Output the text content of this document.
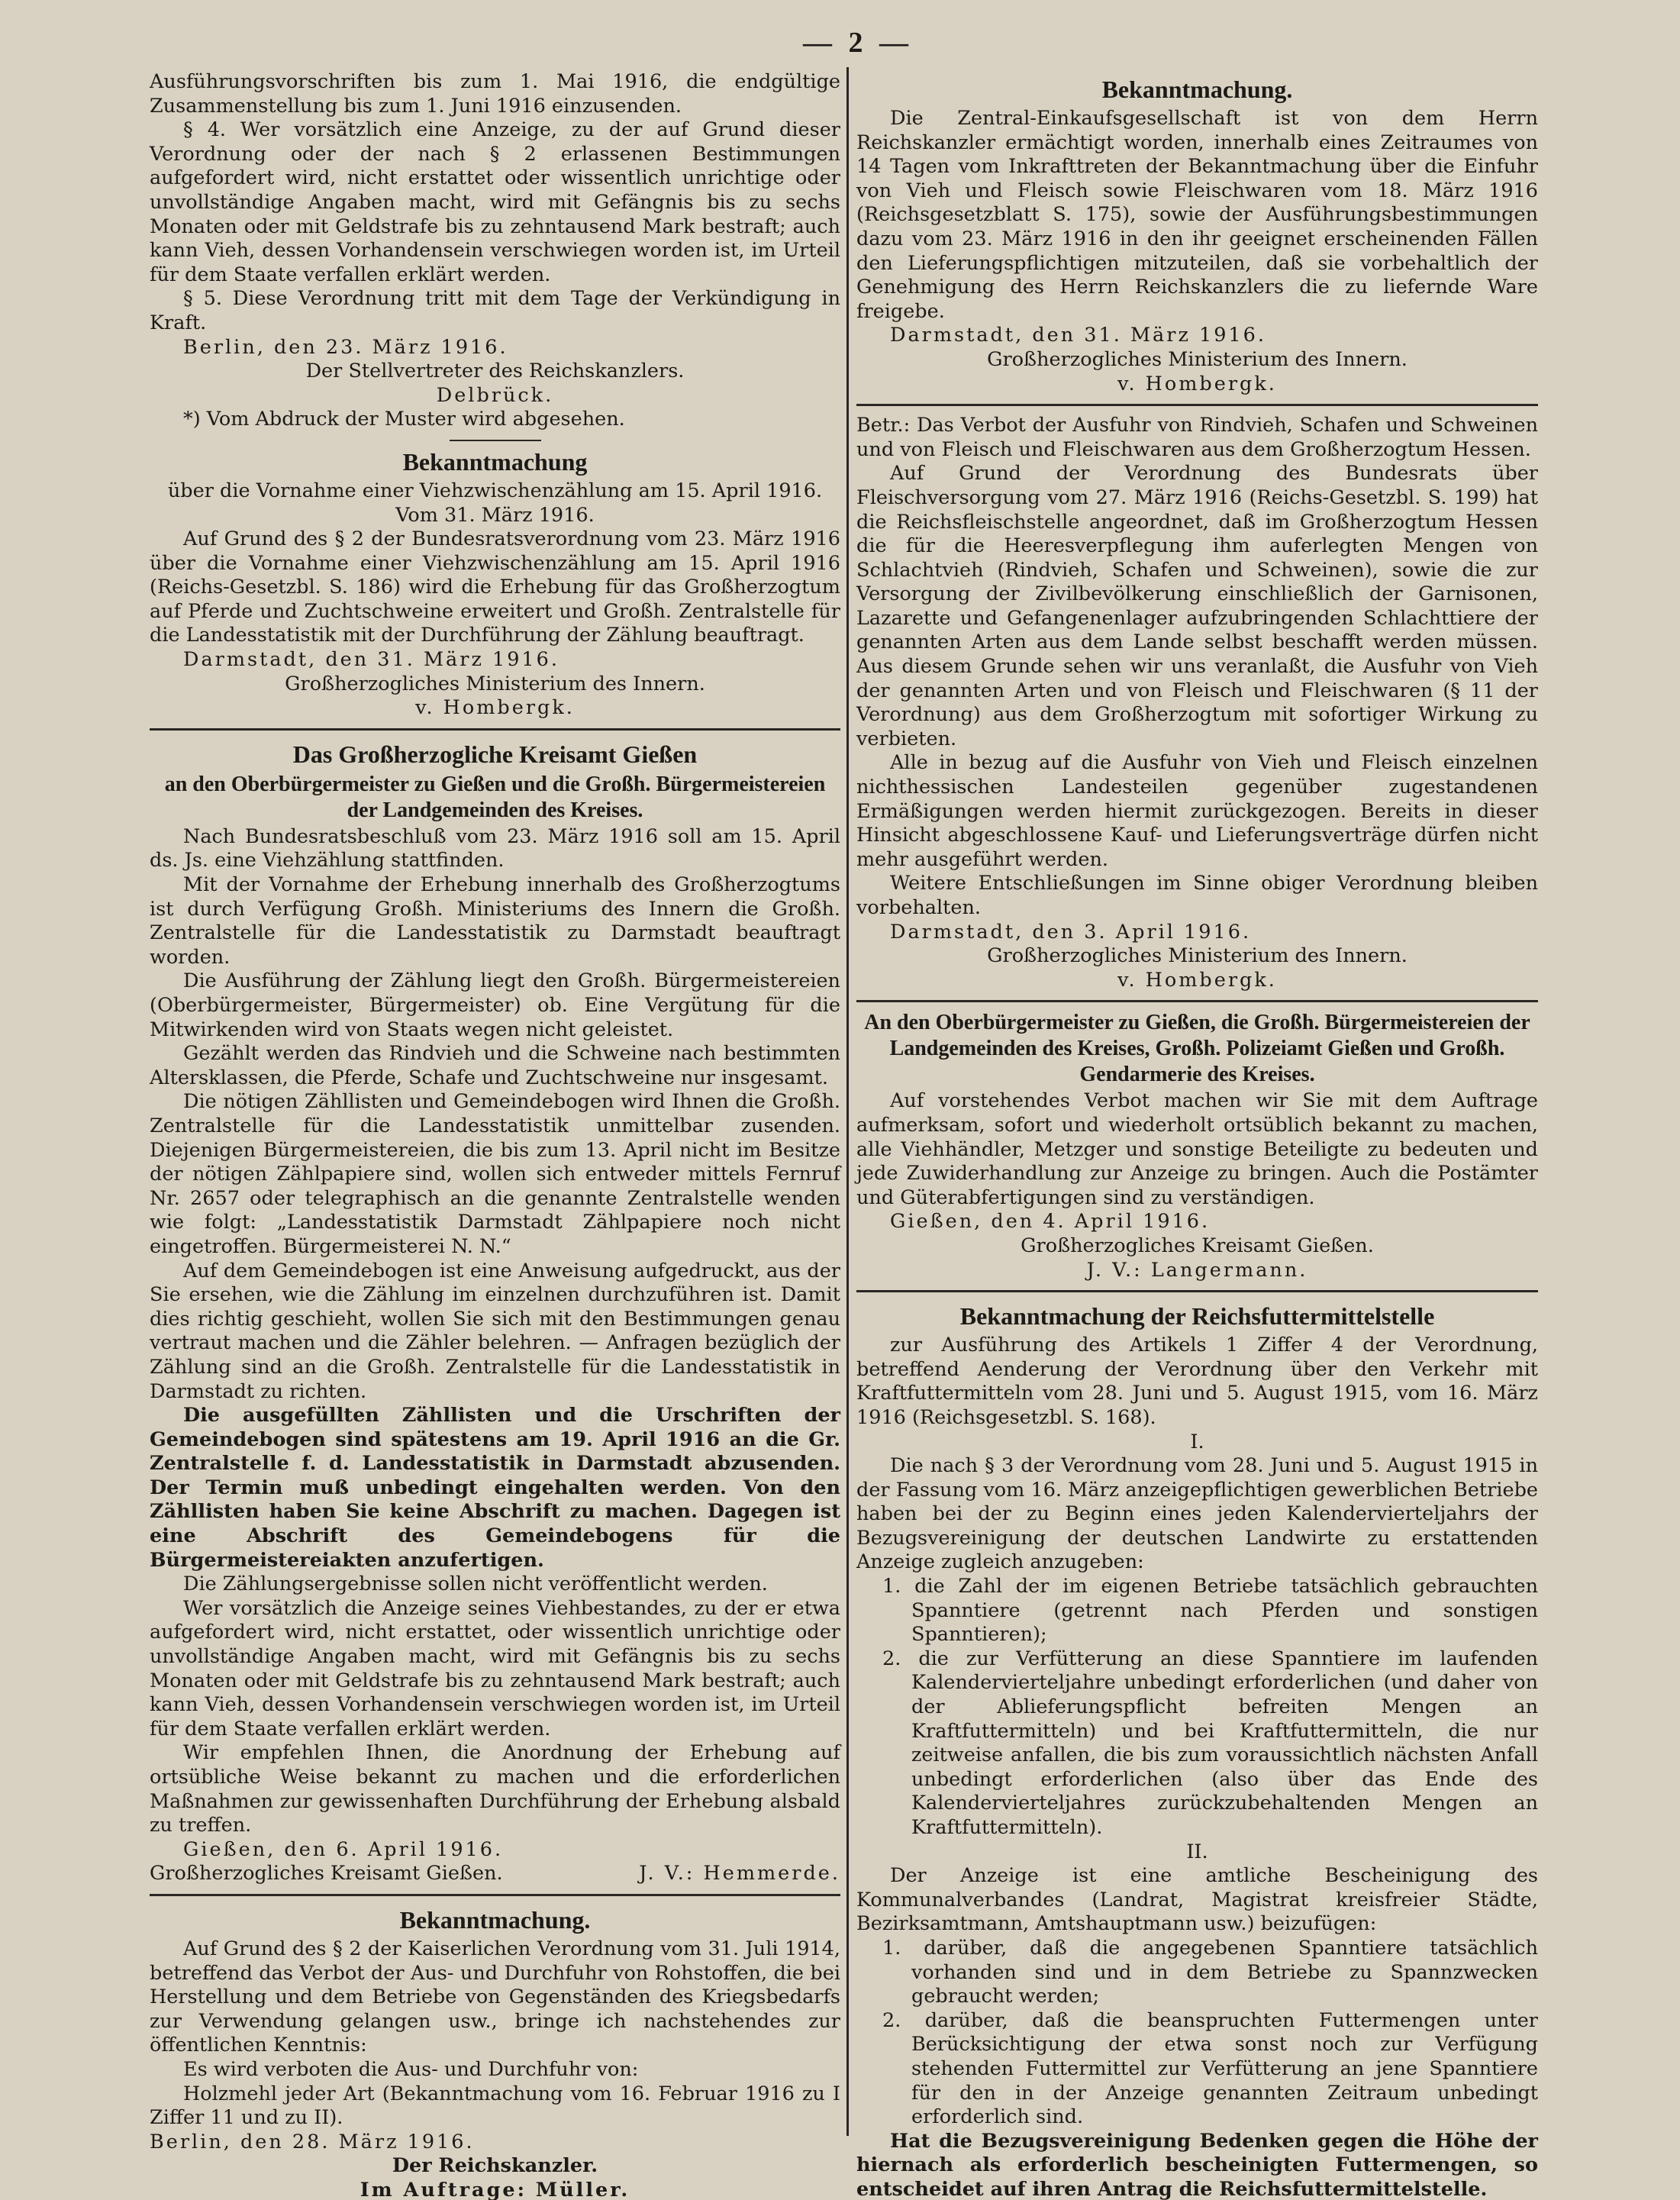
— 2 —

Ausführungsvorschriften bis zum 1. Mai 1916, die endgültige Zusammenstellung bis zum 1. Juni 1916 einzusenden.

§ 4. Wer vorsätzlich eine Anzeige, zu der auf Grund dieser Verordnung oder der nach § 2 erlassenen Bestimmungen aufgefordert wird, nicht erstattet oder wissentlich unrichtige oder unvollständige Angaben macht, wird mit Gefängnis bis zu sechs Monaten oder mit Geldstrafe bis zu zehntausend Mark bestraft; auch kann Vieh, dessen Vorhandensein verschwiegen worden ist, im Urteil für dem Staate verfallen erklärt werden.

§ 5. Diese Verordnung tritt mit dem Tage der Verkündigung in Kraft.

Berlin, den 23. März 1916.

Der Stellvertreter des Reichskanzlers.

Delbrück.

*) Vom Abdruck der Muster wird abgesehen.

Bekanntmachung

über die Vornahme einer Viehzwischenzählung am 15. April 1916.

Vom 31. März 1916.

Auf Grund des § 2 der Bundesratsverordnung vom 23. März 1916 über die Vornahme einer Viehzwischenzählung am 15. April 1916 (Reichs-Gesetzbl. S. 186) wird die Erhebung für das Großherzogtum auf Pferde und Zuchtschweine erweitert und Großh. Zentralstelle für die Landesstatistik mit der Durchführung der Zählung beauftragt.

Darmstadt, den 31. März 1916.

Großherzogliches Ministerium des Innern.

v. Hombergk.

Das Großherzogliche Kreisamt Gießen
an den Oberbürgermeister zu Gießen und die Großh. Bürgermeistereien der Landgemeinden des Kreises.

Nach Bundesratsbeschluß vom 23. März 1916 soll am 15. April ds. Js. eine Viehzählung stattfinden.

Mit der Vornahme der Erhebung innerhalb des Großherzogtums ist durch Verfügung Großh. Ministeriums des Innern die Großh. Zentralstelle für die Landesstatistik zu Darmstadt beauftragt worden.

Die Ausführung der Zählung liegt den Großh. Bürgermeistereien (Oberbürgermeister, Bürgermeister) ob. Eine Vergütung für die Mitwirkenden wird von Staats wegen nicht geleistet.

Gezählt werden das Rindvieh und die Schweine nach bestimmten Altersklassen, die Pferde, Schafe und Zuchtschweine nur insgesamt.

Die nötigen Zähllisten und Gemeindebogen wird Ihnen die Großh. Zentralstelle für die Landesstatistik unmittelbar zusenden. Diejenigen Bürgermeistereien, die bis zum 13. April nicht im Besitze der nötigen Zählpapiere sind, wollen sich entweder mittels Fernruf Nr. 2657 oder telegraphisch an die genannte Zentralstelle wenden wie folgt: „Landesstatistik Darmstadt Zählpapiere noch nicht eingetroffen. Bürgermeisterei N. N.“

Auf dem Gemeindebogen ist eine Anweisung aufgedruckt, aus der Sie ersehen, wie die Zählung im einzelnen durchzuführen ist. Damit dies richtig geschieht, wollen Sie sich mit den Bestimmungen genau vertraut machen und die Zähler belehren. — Anfragen bezüglich der Zählung sind an die Großh. Zentralstelle für die Landesstatistik in Darmstadt zu richten.

Die ausgefüllten Zähllisten und die Urschriften der Gemeindebogen sind spätestens am 19. April 1916 an die Gr. Zentralstelle f. d. Landesstatistik in Darmstadt abzusenden. Der Termin muß unbedingt eingehalten werden. Von den Zähllisten haben Sie keine Abschrift zu machen. Dagegen ist eine Abschrift des Gemeindebogens für die Bürgermeistereiakten anzufertigen.

Die Zählungsergebnisse sollen nicht veröffentlicht werden.

Wer vorsätzlich die Anzeige seines Viehbestandes, zu der er etwa aufgefordert wird, nicht erstattet, oder wissentlich unrichtige oder unvollständige Angaben macht, wird mit Gefängnis bis zu sechs Monaten oder mit Geldstrafe bis zu zehntausend Mark bestraft; auch kann Vieh, dessen Vorhandensein verschwiegen worden ist, im Urteil für dem Staate verfallen erklärt werden.

Wir empfehlen Ihnen, die Anordnung der Erhebung auf ortsübliche Weise bekannt zu machen und die erforderlichen Maßnahmen zur gewissenhaften Durchführung der Erhebung alsbald zu treffen.

Gießen, den 6. April 1916.

Großherzogliches Kreisamt Gießen.	J. V.: Hemmerde.
Bekanntmachung.

Auf Grund des § 2 der Kaiserlichen Verordnung vom 31. Juli 1914, betreffend das Verbot der Aus- und Durchfuhr von Rohstoffen, die bei Herstellung und dem Betriebe von Gegenständen des Kriegsbedarfs zur Verwendung gelangen usw., bringe ich nachstehendes zur öffentlichen Kenntnis:

Es wird verboten die Aus- und Durchfuhr von:

Holzmehl jeder Art (Bekanntmachung vom 16. Februar 1916 zu I Ziffer 11 und zu II).

Berlin, den 28. März 1916.

Der Reichskanzler.

Im Auftrage: Müller.

Bekanntmachung.

Die Zentral-Einkaufsgesellschaft ist von dem Herrn Reichskanzler ermächtigt worden, innerhalb eines Zeitraumes von 14 Tagen vom Inkrafttreten der Bekanntmachung über die Einfuhr von Vieh und Fleisch sowie Fleischwaren vom 18. März 1916 (Reichsgesetzblatt S. 175), sowie der Ausführungsbestimmungen dazu vom 23. März 1916 in den ihr geeignet erscheinenden Fällen den Lieferungspflichtigen mitzuteilen, daß sie vorbehaltlich der Genehmigung des Herrn Reichskanzlers die zu liefernde Ware freigebe.

Darmstadt, den 31. März 1916.

Großherzogliches Ministerium des Innern.

v. Hombergk.

Betr.: Das Verbot der Ausfuhr von Rindvieh, Schafen und Schweinen und von Fleisch und Fleischwaren aus dem Großherzogtum Hessen.

Auf Grund der Verordnung des Bundesrats über Fleischversorgung vom 27. März 1916 (Reichs-Gesetzbl. S. 199) hat die Reichsfleischstelle angeordnet, daß im Großherzogtum Hessen die für die Heeresverpflegung ihm auferlegten Mengen von Schlachtvieh (Rindvieh, Schafen und Schweinen), sowie die zur Versorgung der Zivilbevölkerung einschließlich der Garnisonen, Lazarette und Gefangenenlager aufzubringenden Schlachttiere der genannten Arten aus dem Lande selbst beschafft werden müssen. Aus diesem Grunde sehen wir uns veranlaßt, die Ausfuhr von Vieh der genannten Arten und von Fleisch und Fleischwaren (§ 11 der Verordnung) aus dem Großherzogtum mit sofortiger Wirkung zu verbieten.

Alle in bezug auf die Ausfuhr von Vieh und Fleisch einzelnen nichthessischen Landesteilen gegenüber zugestandenen Ermäßigungen werden hiermit zurückgezogen. Bereits in dieser Hinsicht abgeschlossene Kauf- und Lieferungsverträge dürfen nicht mehr ausgeführt werden.

Weitere Entschließungen im Sinne obiger Verordnung bleiben vorbehalten.

Darmstadt, den 3. April 1916.

Großherzogliches Ministerium des Innern.

v. Hombergk.

An den Oberbürgermeister zu Gießen, die Großh. Bürgermeistereien der Landgemeinden des Kreises, Großh. Polizeiamt Gießen und Großh. Gendarmerie des Kreises.

Auf vorstehendes Verbot machen wir Sie mit dem Auftrage aufmerksam, sofort und wiederholt ortsüblich bekannt zu machen, alle Viehhändler, Metzger und sonstige Beteiligte zu bedeuten und jede Zuwiderhandlung zur Anzeige zu bringen. Auch die Postämter und Güterabfertigungen sind zu verständigen.

Gießen, den 4. April 1916.

Großherzogliches Kreisamt Gießen.

J. V.: Langermann.

Bekanntmachung der Reichsfuttermittelstelle

zur Ausführung des Artikels 1 Ziffer 4 der Verordnung, betreffend Aenderung der Verordnung über den Verkehr mit Kraftfuttermitteln vom 28. Juni und 5. August 1915, vom 16. März 1916 (Reichsgesetzbl. S. 168).

I.

Die nach § 3 der Verordnung vom 28. Juni und 5. August 1915 in der Fassung vom 16. März anzeigepflichtigen gewerblichen Betriebe haben bei der zu Beginn eines jeden Kalendervierteljahrs der Bezugsvereinigung der deutschen Landwirte zu erstattenden Anzeige zugleich anzugeben:

1. die Zahl der im eigenen Betriebe tatsächlich gebrauchten Spanntiere (getrennt nach Pferden und sonstigen Spanntieren);

2. die zur Verfütterung an diese Spanntiere im laufenden Kalendervierteljahre unbedingt erforderlichen (und daher von der Ablieferungspflicht befreiten Mengen an Kraftfuttermitteln) und bei Kraftfuttermitteln, die nur zeitweise anfallen, die bis zum voraussichtlich nächsten Anfall unbedingt erforderlichen (also über das Ende des Kalendervierteljahres zurückzubehaltenden Mengen an Kraftfuttermitteln).

II.

Der Anzeige ist eine amtliche Bescheinigung des Kommunalverbandes (Landrat, Magistrat kreisfreier Städte, Bezirksamtmann, Amtshauptmann usw.) beizufügen:

1. darüber, daß die angegebenen Spanntiere tatsächlich vorhanden sind und in dem Betriebe zu Spannzwecken gebraucht werden;

2. darüber, daß die beanspruchten Futtermengen unter Berücksichtigung der etwa sonst noch zur Verfügung stehenden Futtermittel zur Verfütterung an jene Spanntiere für den in der Anzeige genannten Zeitraum unbedingt erforderlich sind.

Hat die Bezugsvereinigung Bedenken gegen die Höhe der hiernach als erforderlich bescheinigten Futtermengen, so entscheidet auf ihren Antrag die Reichsfuttermittelstelle.
